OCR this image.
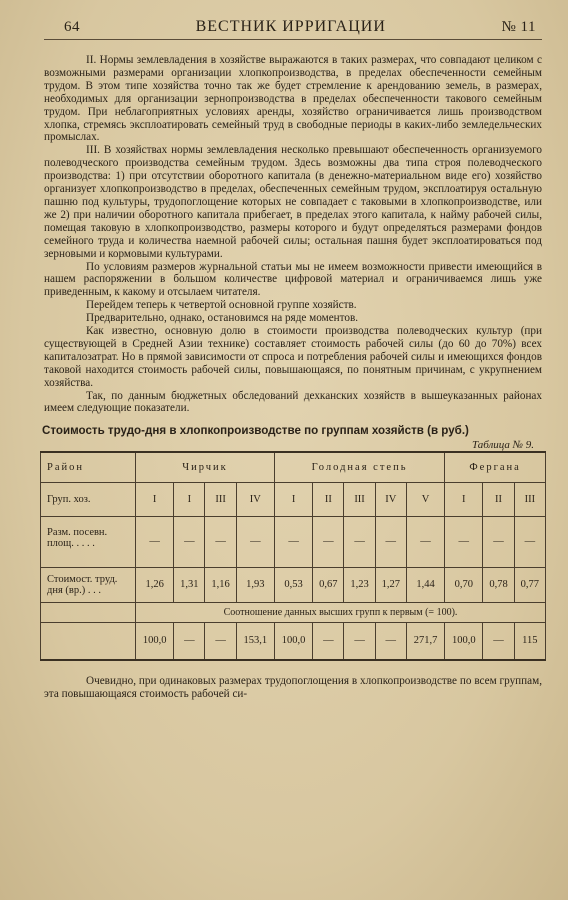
64	ВЕСТНИК ИРРИГАЦИИ	№ 11

II. Нормы землевладения в хозяйстве выражаются в таких размерах, что совпадают целиком с возможными размерами организации хлопкопроизводства, в пределах обеспеченности семейным трудом. В этом типе хозяйства точно так же будет стремление к арендованию земель, в размерах, необходимых для организации зернопроизводства в пределах обеспеченности такового семейным трудом. При неблагоприятных условиях аренды, хозяйство ограничивается лишь производством хлопка, стремясь эксплоатировать семейный труд в свободные периоды в каких-либо земледельческих промыслах.

III. В хозяйствах нормы землевладения несколько превышают обеспеченность организуемого полеводческого производства семейным трудом. Здесь возможны два типа строя полеводческого производства: 1) при отсутствии оборотного капитала (в денежно-материальном виде его) хозяйство организует хлопкопроизводство в пределах, обеспеченных семейным трудом, эксплоатируя остальную пашню под культуры, трудопоглощение которых не совпадает с таковыми в хлопкопроизводстве, или же 2) при наличии оборотного капитала прибегает, в пределах этого капитала, к найму рабочей силы, помещая таковую в хлопкопроизводство, размеры которого и будут определяться размерами фондов семейного труда и количества наемной рабочей силы; остальная пашня будет эксплоатироваться под зерновыми и кормовыми культурами.

По условиям размеров журнальной статьи мы не имеем возможности привести имеющийся в нашем распоряжении в большом количестве цифровой материал и ограничиваемся лишь уже приведенным, к какому и отсылаем читателя.

Перейдем теперь к четвертой основной группе хозяйств.

Предварительно, однако, остановимся на ряде моментов.

Как известно, основную долю в стоимости производства полеводческих культур (при существующей в Средней Азии технике) составляет стоимость рабочей силы (до 60 до 70%) всех капиталозатрат. Но в прямой зависимости от спроса и потребления рабочей силы и имеющихся фондов таковой находится стоимость рабочей силы, повышающаяся, по понятным причинам, с укрупнением хозяйства.

Так, по данным бюджетных обследований дехканских хозяйств в вышеуказанных районах имеем следующие показатели.

Стоимость трудо-дня в хлопкопроизводстве по группам хозяйств (в руб.)
Таблица № 9.
Район	Чирчик				Голодная степь					Фергана		
Груп. хоз.	I	I	III	IV	I	II	III	IV	V	I	II	III
Разм. посевн. площ. . . . .	—	—	—	—	—	—	—	—	—	—	—	—
Стоимост. труд. дня (вр.) . . .	1,26	1,31	1,16	1,93	0,53	0,67	1,23	1,27	1,44	0,70	0,78	0,77
	Соотношение данных высших групп к первым (= 100).											
	100,0	—	—	153,1	100,0	—	—	—	271,7	100,0	—	115

Очевидно, при одинаковых размерах трудопоглощения в хлопкопроизводстве по всем группам, эта повышающаяся стоимость рабочей си-
